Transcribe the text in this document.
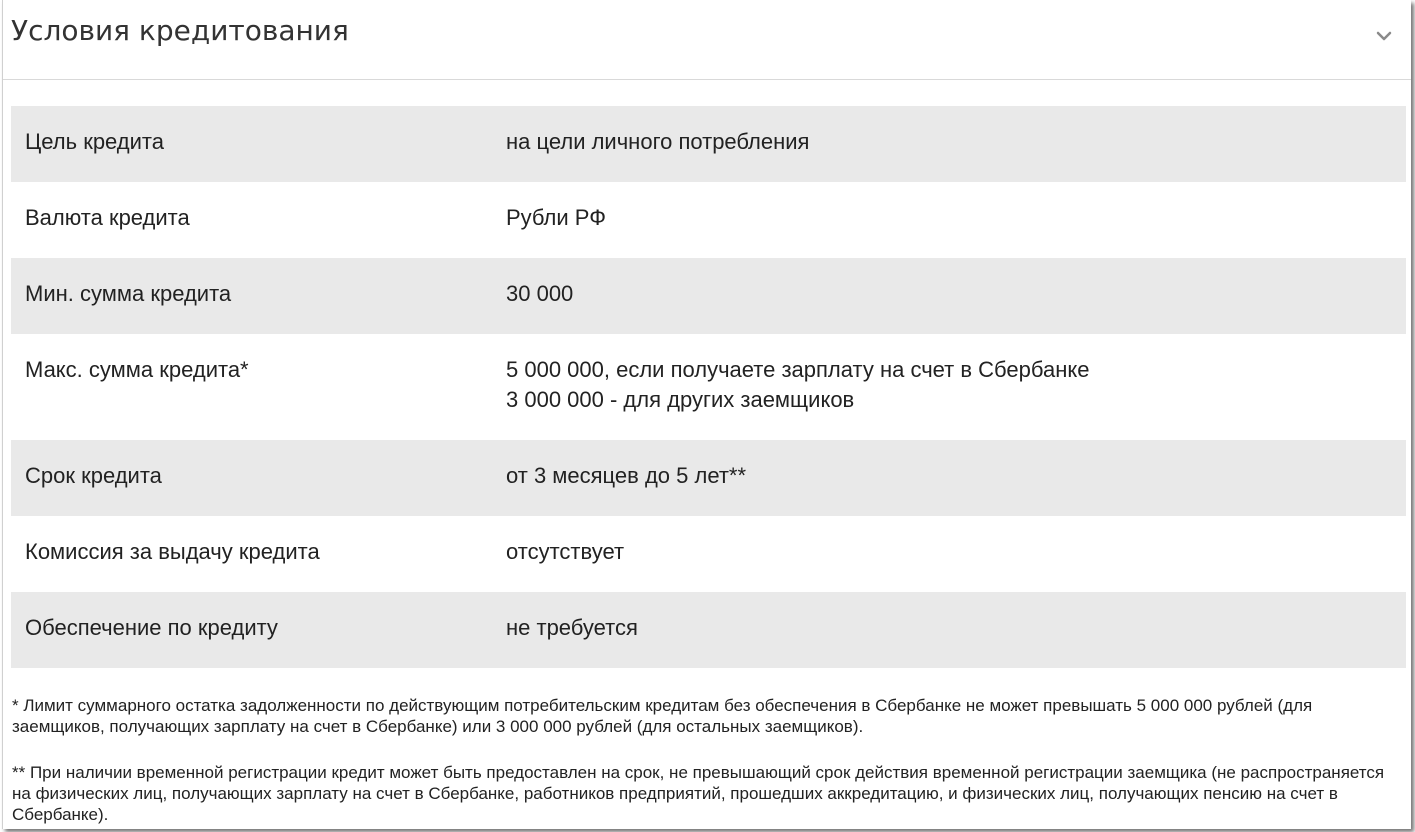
Условия кредитования
Цель кредита	на цели личного потребления
Валюта кредита	Рубли РФ
Мин. сумма кредита	30 000
Макс. сумма кредита*	5 000 000, если получаете зарплату на счет в Сбербанке
3 000 000 - для других заемщиков
Срок кредита	от 3 месяцев до 5 лет**
Комиссия за выдачу кредита	отсутствует
Обеспечение по кредиту	не требуется

* Лимит суммарного остатка задолженности по действующим потребительским кредитам без обеспечения в Сбербанке не может превышать 5 000 000 рублей (для заемщиков, получающих зарплату на счет в Сбербанке) или 3 000 000 рублей (для остальных заемщиков).

** При наличии временной регистрации кредит может быть предоставлен на срок, не превышающий срок действия временной регистрации заемщика (не распространяется на физических лиц, получающих зарплату на счет в Сбербанке, работников предприятий, прошедших аккредитацию, и физических лиц, получающих пенсию на счет в Сбербанке).
